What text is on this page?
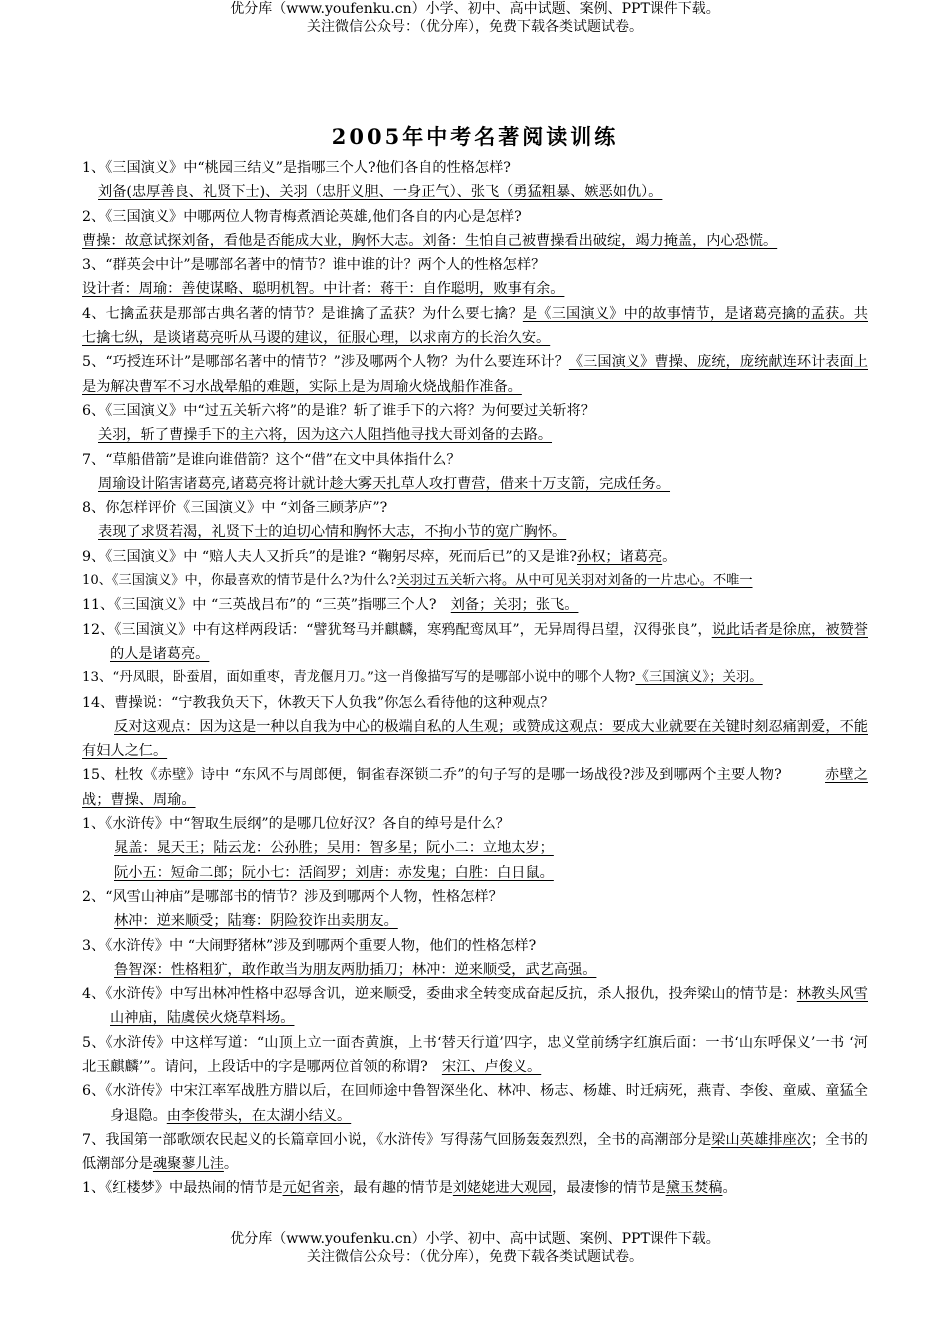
优分库（www.youfenku.cn）小学、初中、高中试题、案例、PPT课件下载。
关注微信公众号：（优分库），免费下载各类试题试卷。
2005年中考名著阅读训练

1、《三国演义》中“桃园三结义”是指哪三个人?他们各自的性格怎样?

刘备(忠厚善良、礼贤下士)、关羽（忠肝义胆、一身正气）、张飞（勇猛粗暴、嫉恶如仇）。

2、《三国演义》中哪两位人物青梅煮酒论英雄,他们各自的内心是怎样?

曹操：故意试探刘备，看他是否能成大业，胸怀大志。刘备：生怕自己被曹操看出破绽，竭力掩盖，内心恐慌。

3、“群英会中计”是哪部名著中的情节？谁中谁的计？两个人的性格怎样？

设计者：周瑜：善使谋略、聪明机智。中计者：蒋干：自作聪明，败事有余。

4、七擒孟获是那部古典名著的情节？是谁擒了孟获？为什么要七擒？是《三国演义》中的故事情节，是诸葛亮擒的孟获。共七擒七纵，是谈诸葛亮听从马谡的建议，征服心理，以求南方的长治久安。

5、“巧授连环计”是哪部名著中的情节？”涉及哪两个人物？为什么要连环计？《三国演义》曹操、庞统，庞统献连环计表面上是为解决曹军不习水战晕船的难题，实际上是为周瑜火烧战船作准备。

6、《三国演义》中“过五关斩六将”的是谁？斩了谁手下的六将？为何要过关斩将？

关羽，斩了曹操手下的主六将，因为这六人阻挡他寻找大哥刘备的去路。

7、“草船借箭”是谁向谁借箭？这个“借”在文中具体指什么？

周瑜设计陷害诸葛亮,诸葛亮将计就计趁大雾天扎草人攻打曹营，借来十万支箭，完成任务。

8、你怎样评价《三国演义》中 “刘备三顾茅庐”?

表现了求贤若渴，礼贤下士的迫切心情和胸怀大志，不拘小节的宽广胸怀。

9、《三国演义》中 “赔人夫人又折兵”的是谁? “鞠躬尽瘁，死而后已”的又是谁?孙权；诸葛亮。

10、《三国演义》中，你最喜欢的情节是什么?为什么?关羽过五关斩六将。从中可见关羽对刘备的一片忠心。不唯一

11、《三国演义》中 “三英战吕布”的 “三英”指哪三个人?　 刘备；关羽；张飞。

12、《三国演义》中有这样两段话：“譬犹驽马并麒麟，寒鸦配鸾凤耳”，无异周得吕望，汉得张良”，说此话者是徐庶，被赞誉的人是诸葛亮。

13、“丹凤眼，卧蚕眉，面如重枣，青龙偃月刀。”这一肖像描写写的是哪部小说中的哪个人物?《三国演义》；关羽。

14、曹操说：“宁教我负天下，休教天下人负我”你怎么看待他的这种观点？

反对这观点：因为这是一种以自我为中心的极端自私的人生观；或赞成这观点：要成大业就要在关键时刻忍痛割爱，不能有妇人之仁。

15、杜牧《赤壁》诗中 “东风不与周郎便，铜雀春深锁二乔”的句子写的是哪一场战役?涉及到哪两个主要人物?　　　	赤壁之战；曹操、周瑜。

1、《水浒传》中“智取生辰纲”的是哪几位好汉？各自的绰号是什么？

晁盖：晁天王；陆云龙：公孙胜；吴用：智多星；阮小二：立地太岁；

阮小五：短命二郎；阮小七：活阎罗；刘唐：赤发鬼；白胜：白日鼠。

2、“风雪山神庙”是哪部书的情节？涉及到哪两个人物，性格怎样？

林冲：逆来顺受；陆骞：阴险狡诈出卖朋友。

3、《水浒传》中 “大闹野猪林”涉及到哪两个重要人物，他们的性格怎样?

鲁智深：性格粗犷，敢作敢当为朋友两肋插刀；林冲：逆来顺受，武艺高强。

4、《水浒传》中写出林冲性格中忍辱含讥，逆来顺受，委曲求全转变成奋起反抗，杀人报仇，投奔梁山的情节是：林教头风雪山神庙，陆虞侯火烧草料场。

5、《水浒传》中这样写道：“山顶上立一面杏黄旗，上书‘替天行道’四字，忠义堂前绣字红旗后面：一书‘山东呼保义’一书 ‘河北玉麒麟’”。请问，上段话中的字是哪两位首领的称谓?　 宋江、卢俊义。

6、《水浒传》中宋江率军战胜方腊以后，在回师途中鲁智深坐化、林冲、杨志、杨雄、时迁病死，燕青、李俊、童威、童猛全身退隐。由李俊带头，在太湖小结义。

7、我国第一部歌颂农民起义的长篇章回小说，《水浒传》写得荡气回肠轰轰烈烈，全书的高潮部分是梁山英雄排座次；全书的低潮部分是魂聚蓼儿洼。

1、《红楼梦》中最热闹的情节是元妃省亲，最有趣的情节是刘姥姥进大观园，最凄惨的情节是黛玉焚稿。

优分库（www.youfenku.cn）小学、初中、高中试题、案例、PPT课件下载。
关注微信公众号：（优分库），免费下载各类试题试卷。
